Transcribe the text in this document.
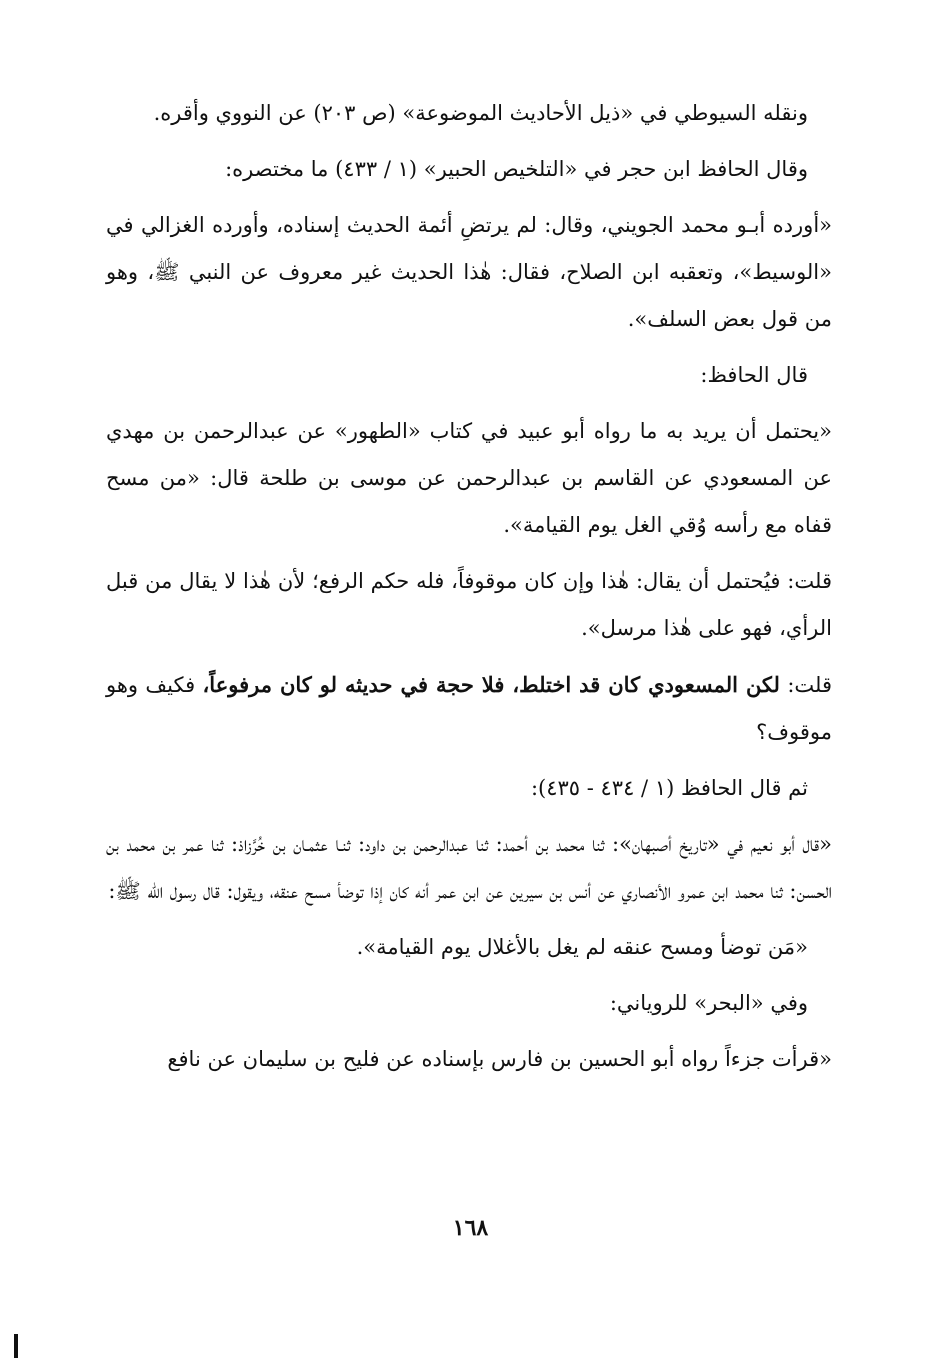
ونقله السيوطي في «ذيل الأحاديث الموضوعة» (ص ٢٠٣) عن النووي وأقره.

وقال الحافظ ابن حجر في «التلخيص الحبير» (١ / ٤٣٣) ما مختصره:

«أورده أبـو محمد الجويني، وقال: لم يرتضِ أئمة الحديث إسناده، وأورده الغزالي في «الوسيط»، وتعقبه ابن الصلاح، فقال: هٰذا الحديث غير معروف عن النبي ﷺ، وهو من قول بعض السلف».

قال الحافظ:

«يحتمل أن يريد به ما رواه أبو عبيد في كتاب «الطهور» عن عبدالرحمن بن مهدي عن المسعودي عن القاسم بن عبدالرحمن عن موسى بن طلحة قال: «من مسح قفاه مع رأسه وُقي الغل يوم القيامة».

قلت: فيُحتمل أن يقال: هٰذا وإن كان موقوفاً، فله حكم الرفع؛ لأن هٰذا لا يقال من قبل الرأي، فهو على هٰذا مرسل».

قلت: لكن المسعودي كان قد اختلط، فلا حجة في حديثه لو كان مرفوعاً، فكيف وهو موقوف؟

ثم قال الحافظ (١ / ٤٣٤ - ٤٣٥):

«قال أبو نعيم في «تاريخ أصبهان»: ثنا محمد بن أحمد: ثنا عبدالرحمن بن داود: ثنـا عثمـان بن خُرَّزاذ: ثنا عمر بن محمد بن الحسن: ثنا محمد ابن عمرو الأنصاري عن أنس بن سيرين عن ابن عمر أنه كان إذا توضأ مسح عنقه، ويقول: قال رسول الله ﷺ:

«مَن توضأ ومسح عنقه لم يغل بالأغلال يوم القيامة».

وفي «البحر» للروياني:

«قرأت جزءاً رواه أبو الحسين بن فارس بإسناده عن فليح بن سليمان عن نافع

١٦٨
